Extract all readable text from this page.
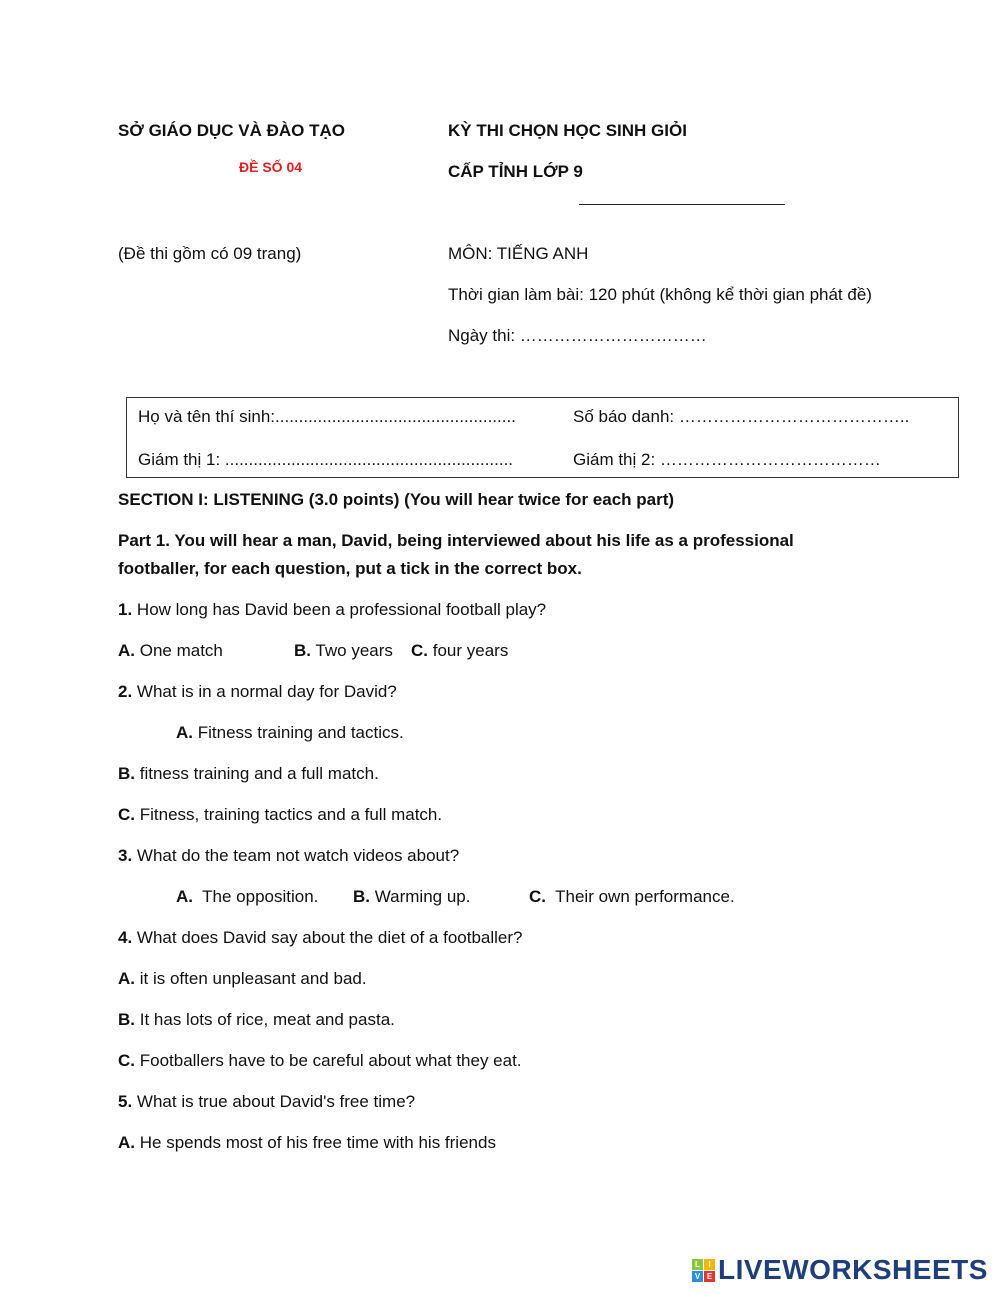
SỞ GIÁO DỤC VÀ ĐÀO TẠO
ĐỀ SỐ 04
(Đề thi gồm có 09 trang)
KỲ THI CHỌN HỌC SINH GIỎI
CẤP TỈNH LỚP 9
MÔN: TIẾNG ANH
Thời gian làm bài: 120 phút (không kể thời gian phát đề)
Ngày thi: ……………………………
Họ và tên thí sinh:...................................................	Số báo danh: …………………………………..
Giám thị 1: .............................................................	Giám thị 2: …………………………………
SECTION I: LISTENING (3.0 points) (You will hear twice for each part)
Part 1. You will hear a man, David, being interviewed about his life as a professional
footballer, for each question, put a tick in the correct box.
1. How long has David been a professional football play?
A. One match	B. Two years C. four years
2. What is in a normal day for David?
A. Fitness training and tactics.
B. fitness training and a full match.
C. Fitness, training tactics and a full match.
3. What do the team not watch videos about?
A. The opposition. B. Warming up.	C. Their own performance.
4. What does David say about the diet of a footballer?
A. it is often unpleasant and bad.
B. It has lots of rice, meat and pasta.
C. Footballers have to be careful about what they eat.
5. What is true about David's free time?
A. He spends most of his free time with his friends
L	I
V E LIVEWORKSHEETS
